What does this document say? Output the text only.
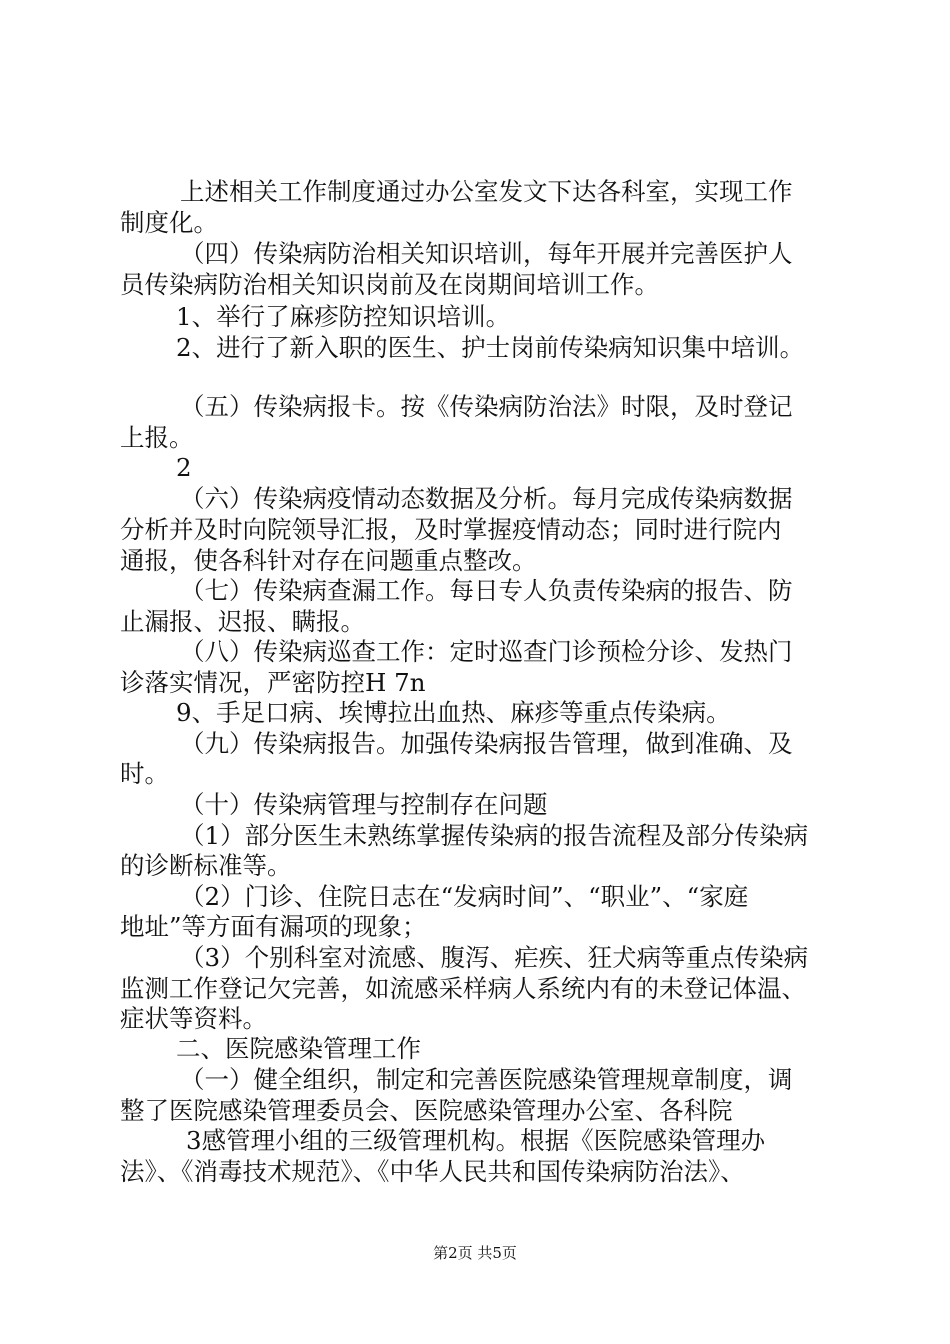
上述相关工作制度通过办公室发文下达各科室，实现工作
制度化。
（四）传染病防治相关知识培训，每年开展并完善医护人
员传染病防治相关知识岗前及在岗期间培训工作。
1、举行了麻疹防控知识培训。
2、进行了新入职的医生、护士岗前传染病知识集中培训。
（五）传染病报卡。按《传染病防治法》时限，及时登记
上报。
2
（六）传染病疫情动态数据及分析。每月完成传染病数据
分析并及时向院领导汇报，及时掌握疫情动态；同时进行院内
通报，使各科针对存在问题重点整改。
（七）传染病查漏工作。每日专人负责传染病的报告、防
止漏报、迟报、瞒报。
（八）传染病巡查工作：定时巡查门诊预检分诊、发热门
诊落实情况，严密防控H 7n
9、手足口病、埃博拉出血热、麻疹等重点传染病。
（九）传染病报告。加强传染病报告管理，做到准确、及
时。
（十）传染病管理与控制存在问题
（1）部分医生未熟练掌握传染病的报告流程及部分传染病
的诊断标准等。
（2）门诊、住院日志在“发病时间”、“职业”、“家庭
地址”等方面有漏项的现象；
（3）个别科室对流感、腹泻、疟疾、狂犬病等重点传染病
监测工作登记欠完善，如流感采样病人系统内有的未登记体温、
症状等资料。
二、医院感染管理工作
（一）健全组织，制定和完善医院感染管理规章制度，调
整了医院感染管理委员会、医院感染管理办公室、各科院
3感管理小组的三级管理机构。根据《医院感染管理办
法》、《消毒技术规范》、《中华人民共和国传染病防治法》、
第2页 共5页
